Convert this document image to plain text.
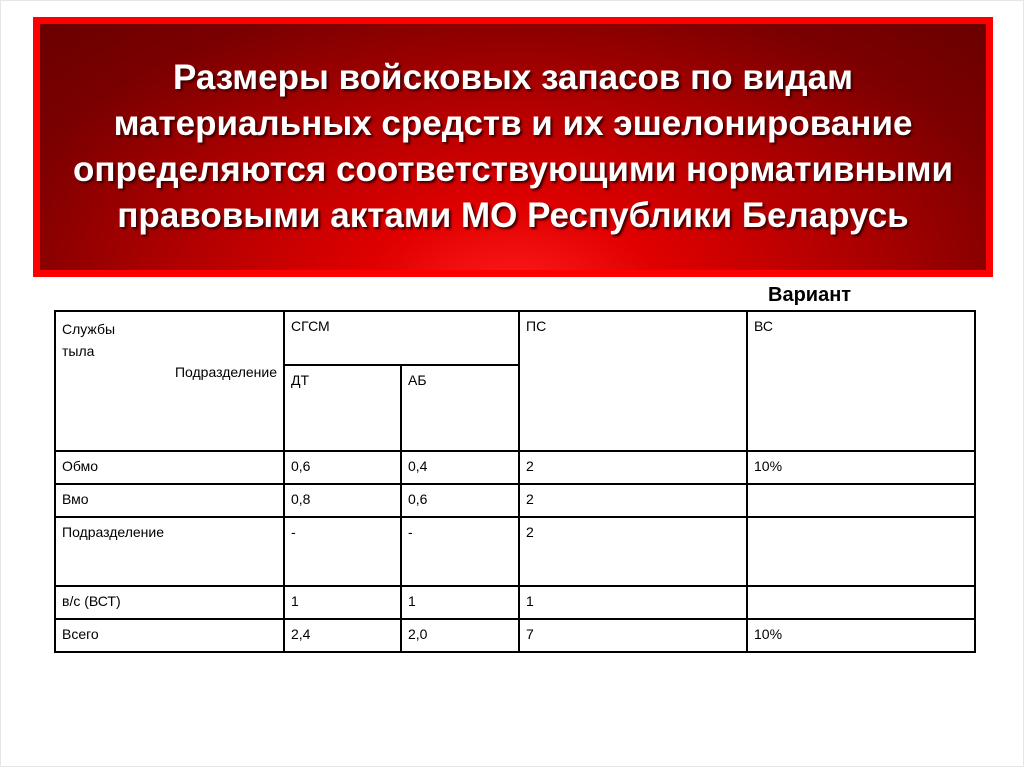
Размеры войсковых запасов по видам материальных средств и их эшелонирование определяются соответствующими нормативными правовыми актами МО Республики Беларусь
Вариант
Службы
тыла
Подразделение	СГСМ		ПС	ВС
	ДТ	АБ		
Обмо	0,6	0,4	2	10%
Вмо	0,8	0,6	2	
Подразделение	-	-	2	
в/с (ВСТ)	1	1	1	
Всего	2,4	2,0	7	10%
